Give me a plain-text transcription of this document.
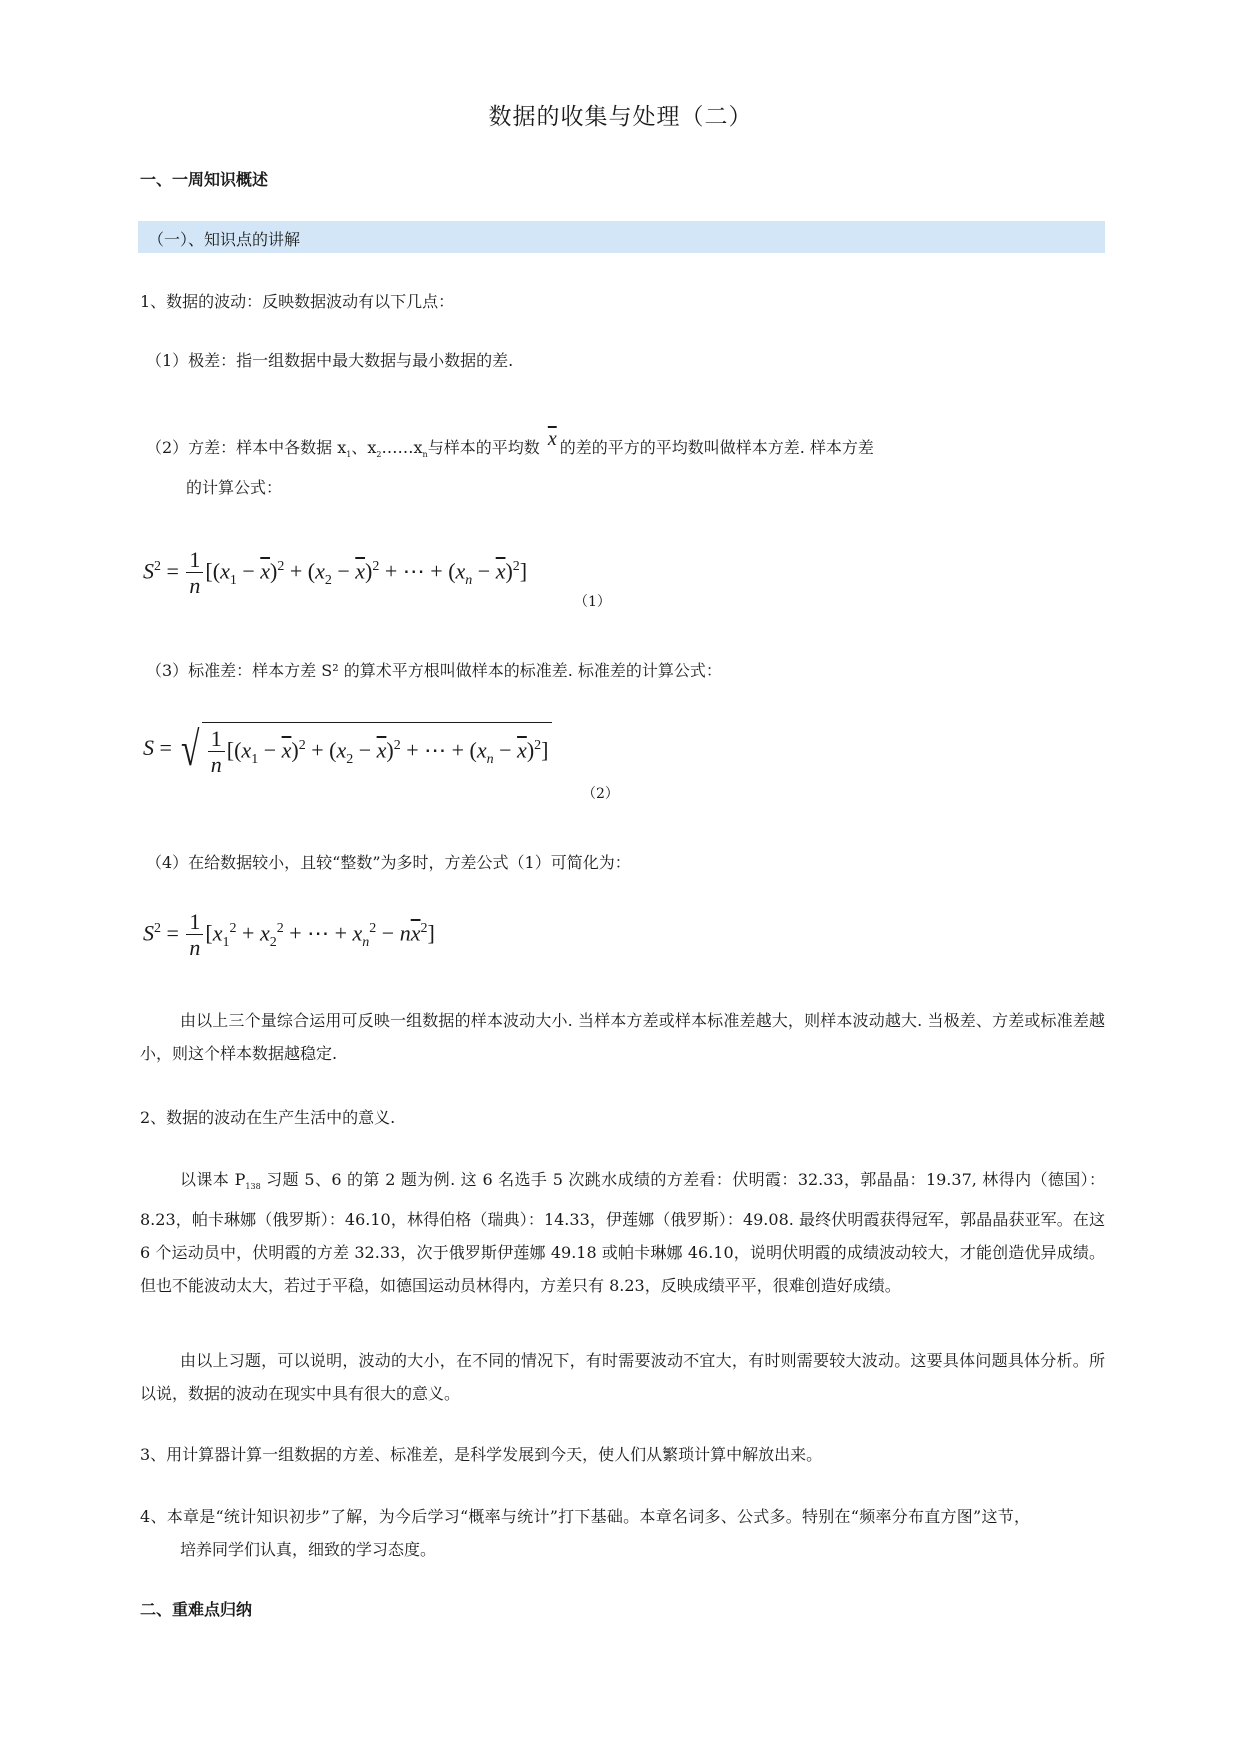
数据的收集与处理（二）
一、一周知识概述
（一）、知识点的讲解
1、数据的波动：反映数据波动有以下几点：
（1）极差：指一组数据中最大数据与最小数据的差.
（2）方差：样本中各数据 $x_1$、$x_2\dots\dots x_n$与样本的平均数 $\overline{x}$ 的差的平方的平均数叫做样本方差. 样本方差
的计算公式：
$S^2 = \frac{1}{n} [(x_1 - \overline{x})^2 + (x_2 - \overline{x})^2$ + ⋯ + $(x_n - \overline{x})^2$]
（1）
（3）标准差：样本方差 S² 的算术平方根叫做样本的标准差. 标准差的计算公式：
S = √ $\frac{1}{n} [(x_1 - \overline{x})^2 + (x_2 - \overline{x})^2$ + ⋯ + $(x_n - \overline{x})^2$]
（2）
（4）在给数据较小，且较“整数”为多时，方差公式（1）可简化为：
$S^2 = \frac{1}{n} [x_1^2 + x_2^2$ + ⋯ + $x_n^2 - n\overline{x}^2$]
由以上三个量综合运用可反映一组数据的样本波动大小. 当样本方差或样本标准差越大，则样本波动越大. 当极差、方差或标准差越小，则这个样本数据越稳定.
2、数据的波动在生产生活中的意义.
以课本 $P_{138}$ 习题 5、6 的第 2 题为例. 这 6 名选手 5 次跳水成绩的方差看：伏明霞：32.33，郭晶晶：19.37, 林得内（德国）：8.23，帕卡琳娜（俄罗斯）：46.10，林得伯格（瑞典）：14.33，伊莲娜（俄罗斯）：49.08. 最终伏明霞获得冠军，郭晶晶获亚军。在这 6 个运动员中，伏明霞的方差 32.33，次于俄罗斯伊莲娜 49.18 或帕卡琳娜 46.10，说明伏明霞的成绩波动较大，才能创造优异成绩。但也不能波动太大，若过于平稳，如德国运动员林得内，方差只有 8.23，反映成绩平平，很难创造好成绩。
由以上习题，可以说明，波动的大小，在不同的情况下，有时需要波动不宜大，有时则需要较大波动。这要具体问题具体分析。所以说，数据的波动在现实中具有很大的意义。
3、用计算器计算一组数据的方差、标准差，是科学发展到今天，使人们从繁琐计算中解放出来。
4、本章是“统计知识初步”了解，为今后学习“概率与统计”打下基础。本章名词多、公式多。特别在“频率分布直方图”这节，培养同学们认真，细致的学习态度。
二、重难点归纳
